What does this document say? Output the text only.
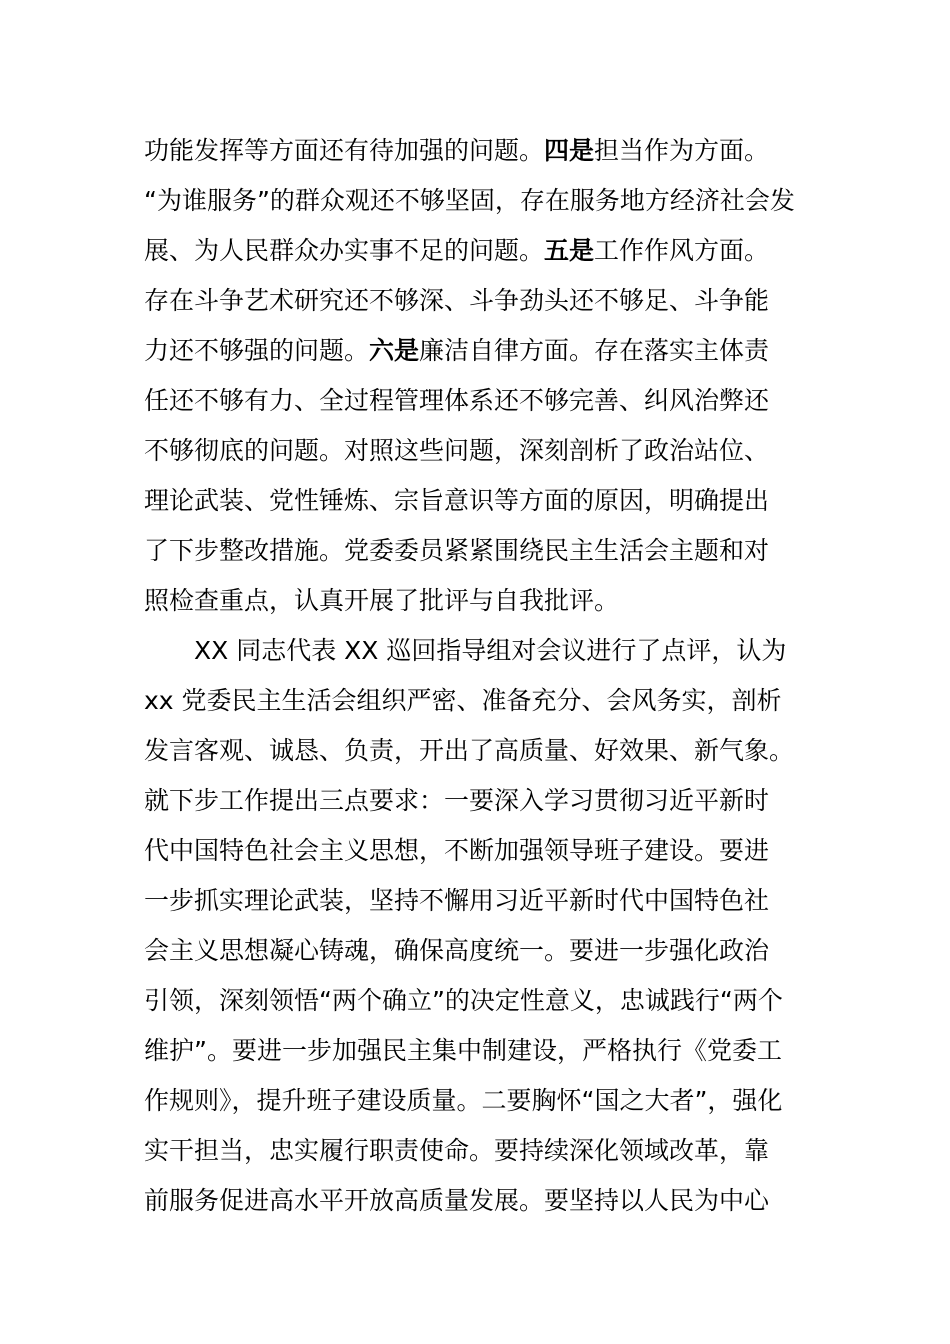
功能发挥等方面还有待加强的问题。四是担当作为方面。
“为谁服务”的群众观还不够坚固，存在服务地方经济社会发
展、为人民群众办实事不足的问题。五是工作作风方面。
存在斗争艺术研究还不够深、斗争劲头还不够足、斗争能
力还不够强的问题。六是廉洁自律方面。存在落实主体责
任还不够有力、全过程管理体系还不够完善、纠风治弊还
不够彻底的问题。对照这些问题，深刻剖析了政治站位、
理论武装、党性锤炼、宗旨意识等方面的原因，明确提出
了下步整改措施。党委委员紧紧围绕民主生活会主题和对
照检查重点，认真开展了批评与自我批评。
XX 同志代表 XX 巡回指导组对会议进行了点评，认为
xx 党委民主生活会组织严密、准备充分、会风务实，剖析
发言客观、诚恳、负责，开出了高质量、好效果、新气象。
就下步工作提出三点要求：一要深入学习贯彻习近平新时
代中国特色社会主义思想，不断加强领导班子建设。要进
一步抓实理论武装，坚持不懈用习近平新时代中国特色社
会主义思想凝心铸魂，确保高度统一。要进一步强化政治
引领，深刻领悟“两个确立”的决定性意义，忠诚践行“两个
维护”。要进一步加强民主集中制建设，严格执行《党委工
作规则》，提升班子建设质量。二要胸怀“国之大者”，强化
实干担当，忠实履行职责使命。要持续深化领域改革，靠
前服务促进高水平开放高质量发展。要坚持以人民为中心
